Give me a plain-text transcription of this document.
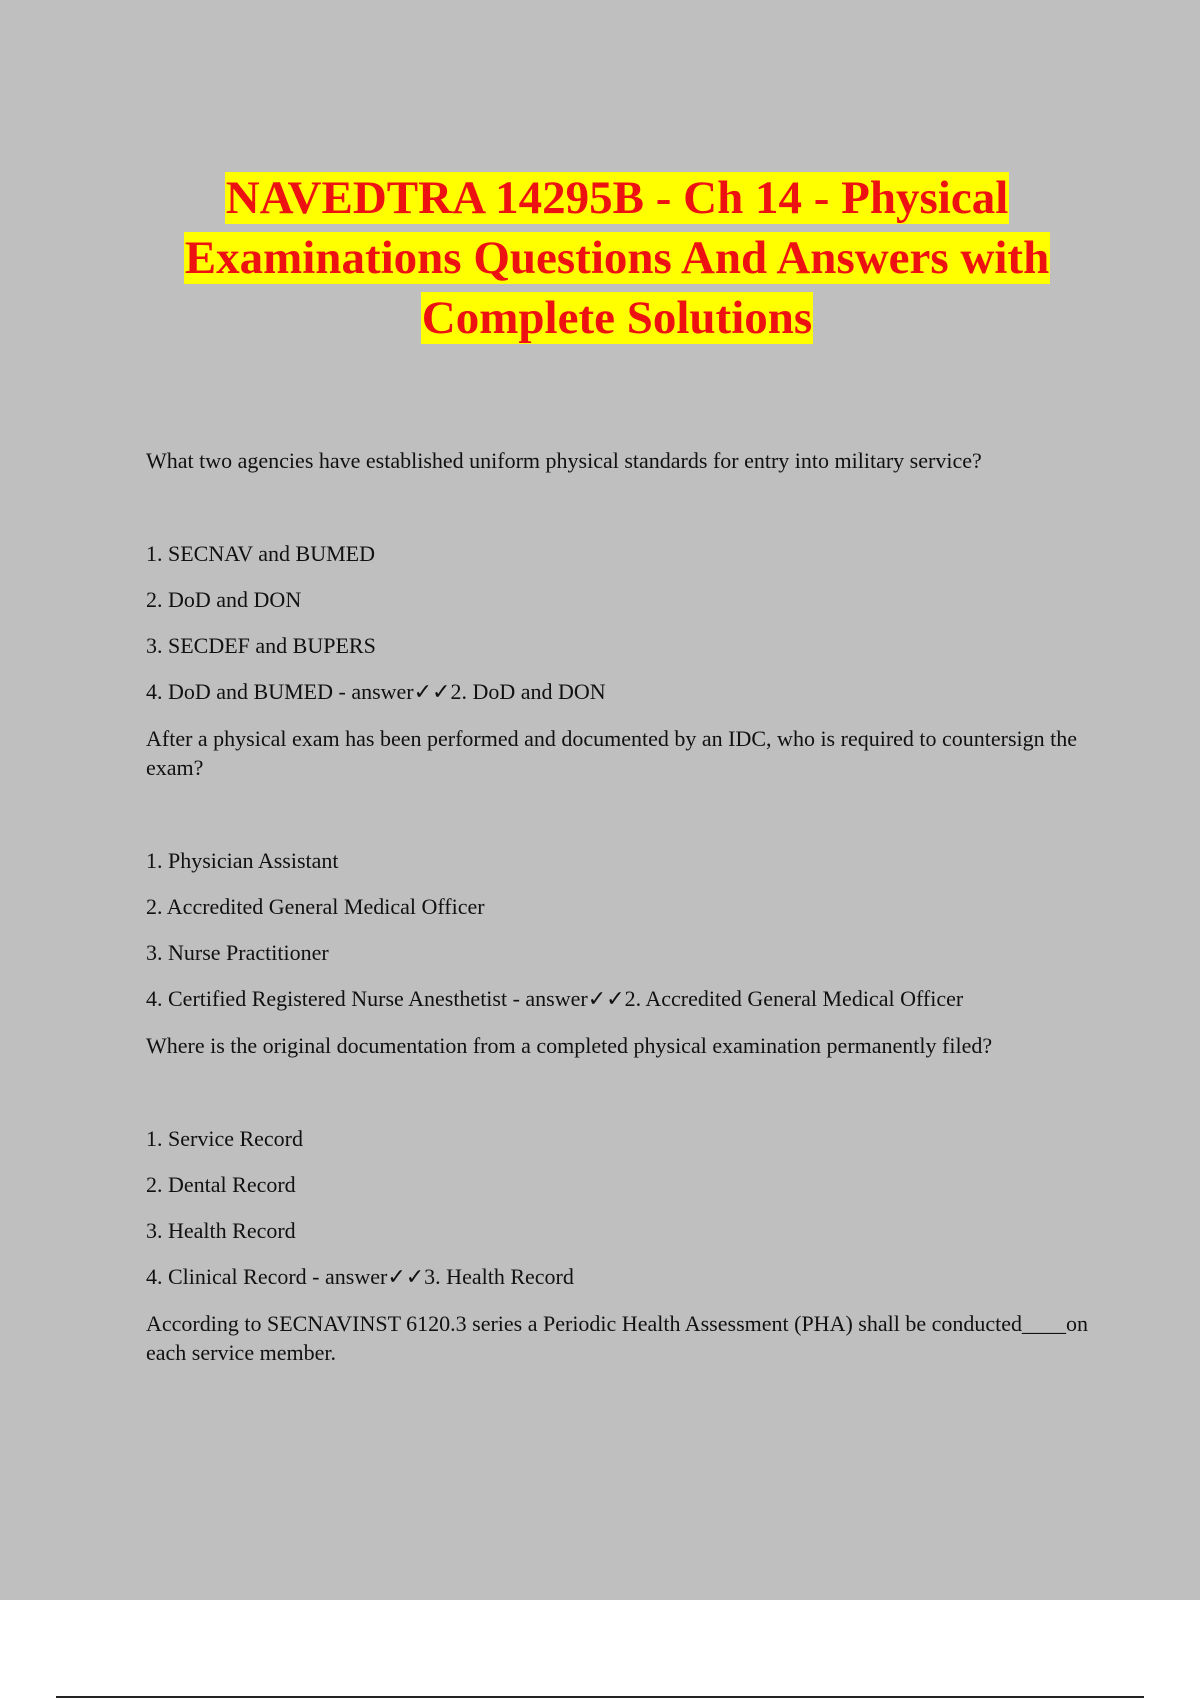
NAVEDTRA 14295B - Ch 14 - Physical
Examinations Questions And Answers with
Complete Solutions

What two agencies have established uniform physical standards for entry into military service?

1. SECNAV and BUMED

2. DoD and DON

3. SECDEF and BUPERS

4. DoD and BUMED - answer✓✓2. DoD and DON

After a physical exam has been performed and documented by an IDC, who is required to countersign the exam?

1. Physician Assistant

2. Accredited General Medical Officer

3. Nurse Practitioner

4. Certified Registered Nurse Anesthetist - answer✓✓2. Accredited General Medical Officer

Where is the original documentation from a completed physical examination permanently filed?

1. Service Record

2. Dental Record

3. Health Record

4. Clinical Record - answer✓✓3. Health Record

According to SECNAVINST 6120.3 series a Periodic Health Assessment (PHA) shall be conducted____on each service member.
